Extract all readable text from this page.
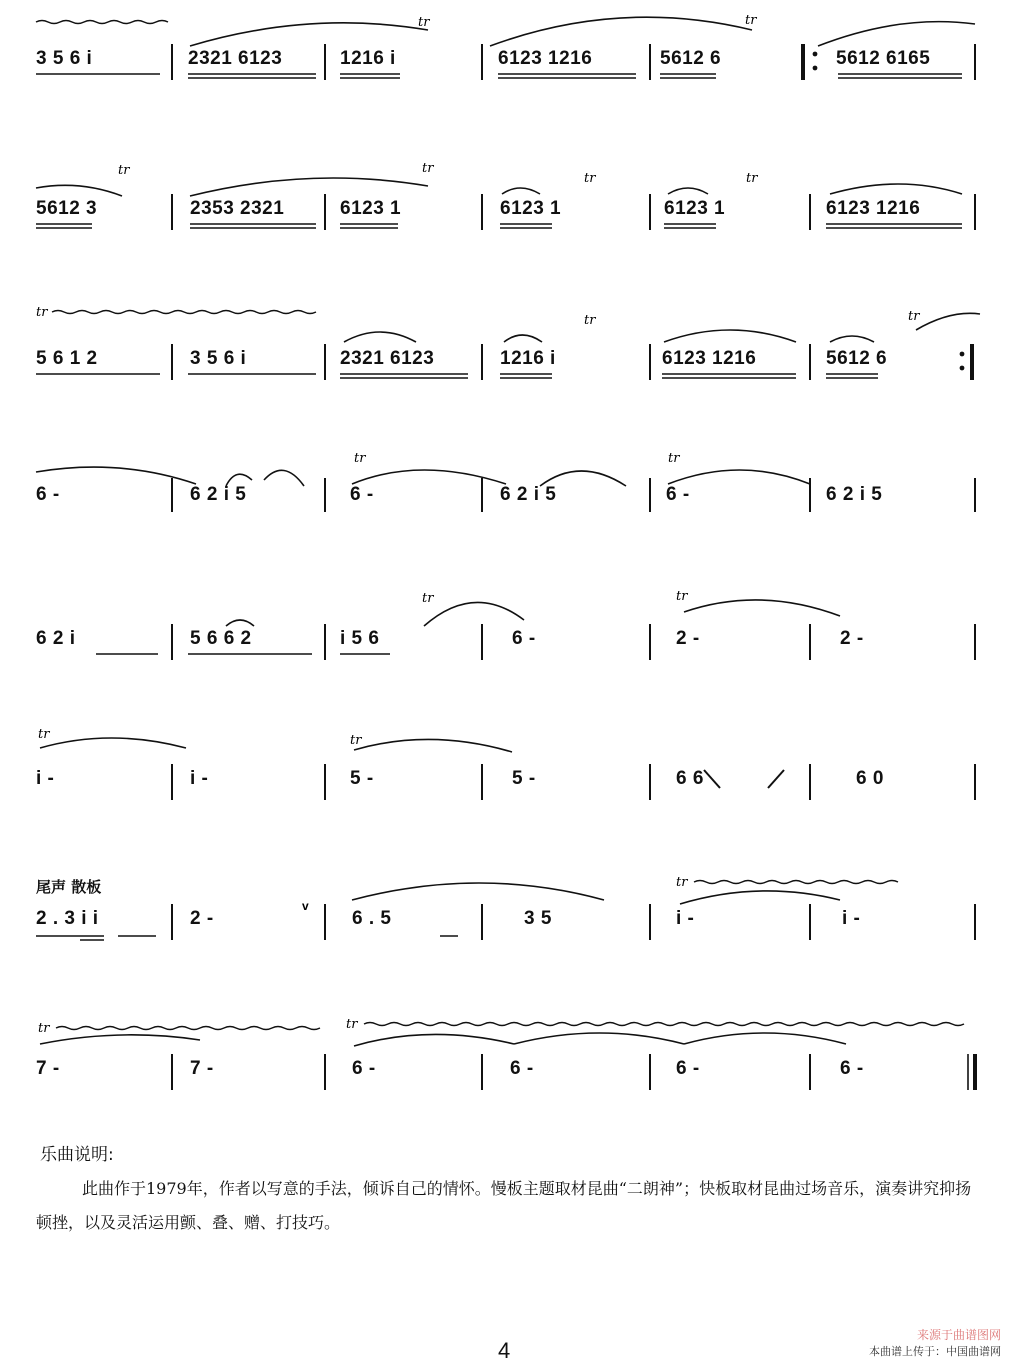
tr	tr
3 5 6 i	2321 6123	1216 i	6123 1216	5612 6	5612 6165
tr	tr
tr	tr
5612 3	2353 2321	6123 1	6123 1	6123 1	6123 1216
tr
tr	tr
5 6 1 2	3 5 6 i	2321 6123	1216 i	6123 1216	5612 6
tr	tr
6 -	6 2 i 5	6 -	6 2 i 5	6 -	6 2 i 5
tr	tr
6 2 i	5 6 6 2	i 5 6	6 -	2 -	2 -
tr	tr
i -	i -	5 -	5 -	6 6	6 0
尾声 散板	tr
v
2 . 3 i i	2 -	6 . 5	3 5	i -	i -
tr	tr
7 -	7 -	6 -	6 -	6 -	6 -
乐曲说明:
此曲作于1979年，作者以写意的手法，倾诉自己的情怀。慢板主题取材昆曲“二朗神”；快板取材昆曲过场音乐，演奏讲究抑扬顿挫，以及灵活运用颤、叠、赠、打技巧。
4
来源于曲谱图网
本曲谱上传于：中国曲谱网
